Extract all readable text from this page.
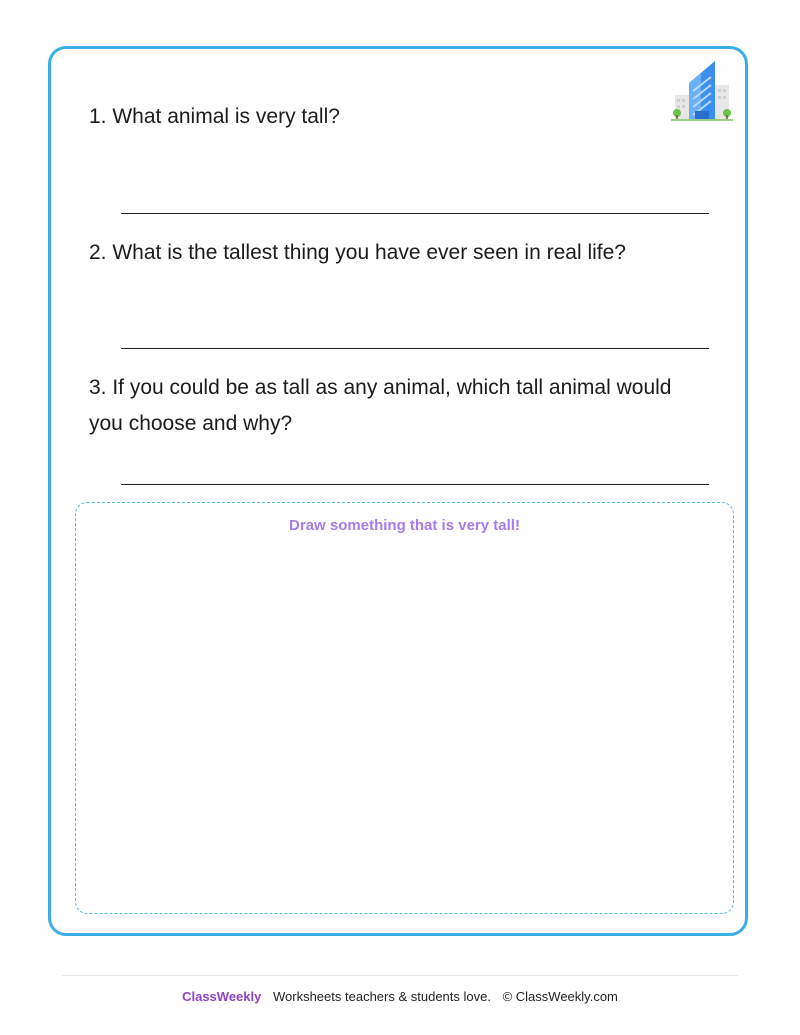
1. What animal is very tall?
2. What is the tallest thing you have ever seen in real life?
3. If you could be as tall as any animal, which tall animal would you choose and why?
Draw something that is very tall!
ClassWeekly Worksheets teachers & students love. © ClassWeekly.com
